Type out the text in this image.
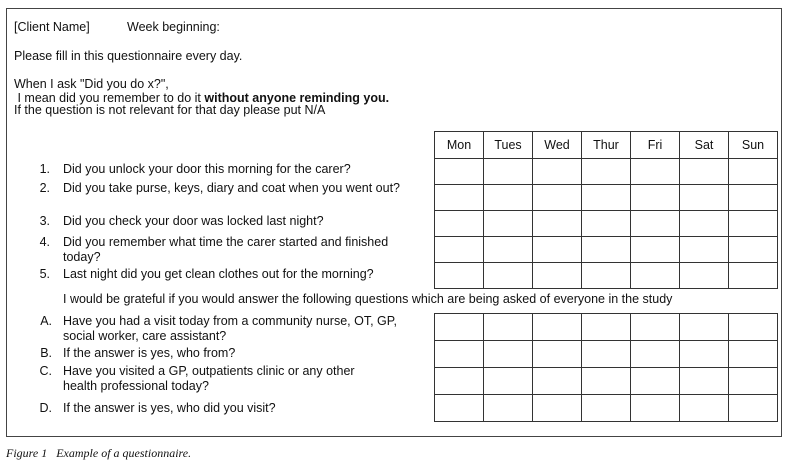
[Client Name]	Week beginning:
Please fill in this questionnaire every day.
When I ask "Did you do x?",
I mean did you remember to do it without anyone reminding you.
If the question is not relevant for that day please put N/A
Mon	Tues	Wed	Thur	Fri	Sat	Sun

1. Did you unlock your door this morning for the carer?
2. Did you take purse, keys, diary and coat when you went out?
3. Did you check your door was locked last night?
4. Did you remember what time the carer started and finished today?
5. Last night did you get clean clothes out for the morning?
I would be grateful if you would answer the following questions which are being asked of everyone in the study

A. Have you had a visit today from a community nurse, OT, GP, social worker, care assistant?
B. If the answer is yes, who from?
C. Have you visited a GP, outpatients clinic or any other health professional today?
D. If the answer is yes, who did you visit?
Figure 1   Example of a questionnaire.
